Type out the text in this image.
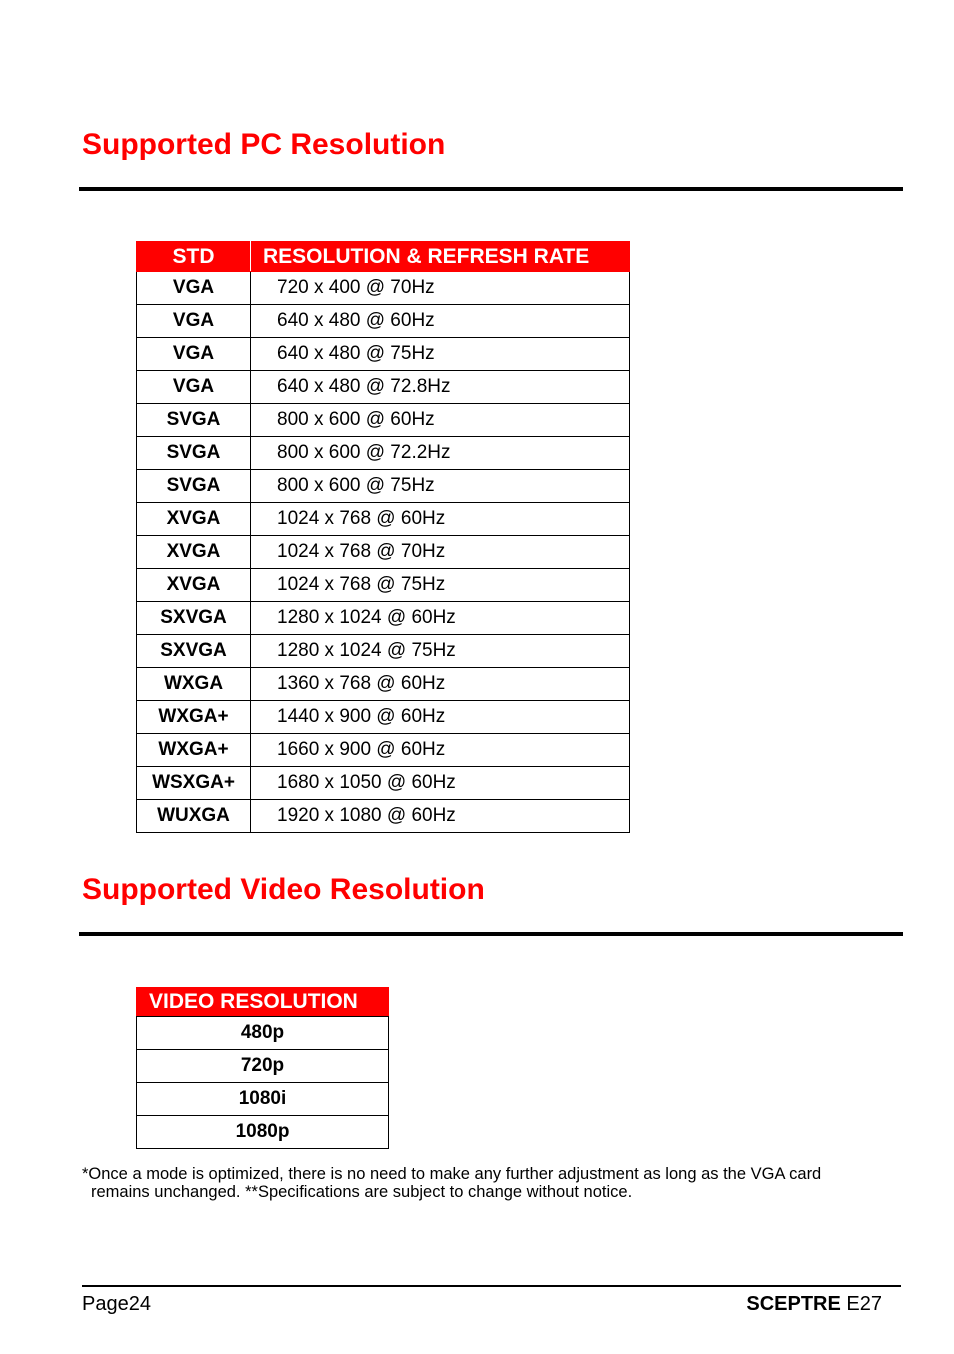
Supported PC Resolution
STD	RESOLUTION & REFRESH RATE
VGA	720 x 400 @ 70Hz
VGA	640 x 480 @ 60Hz
VGA	640 x 480 @ 75Hz
VGA	640 x 480 @ 72.8Hz
SVGA	800 x 600 @ 60Hz
SVGA	800 x 600 @ 72.2Hz
SVGA	800 x 600 @ 75Hz
XVGA	1024 x 768 @ 60Hz
XVGA	1024 x 768 @ 70Hz
XVGA	1024 x 768 @ 75Hz
SXVGA	1280 x 1024 @ 60Hz
SXVGA	1280 x 1024 @ 75Hz
WXGA	1360 x 768 @ 60Hz
WXGA+	1440 x 900 @ 60Hz
WXGA+	1660 x 900 @ 60Hz
WSXGA+	1680 x 1050 @ 60Hz
WUXGA	1920 x 1080 @ 60Hz
Supported Video Resolution
VIDEO RESOLUTION
480p
720p
1080i
1080p

*Once a mode is optimized, there is no need to make any further adjustment as long as the VGA card
remains unchanged. **Specifications are subject to change without notice.

Page24	SCEPTRE E27
